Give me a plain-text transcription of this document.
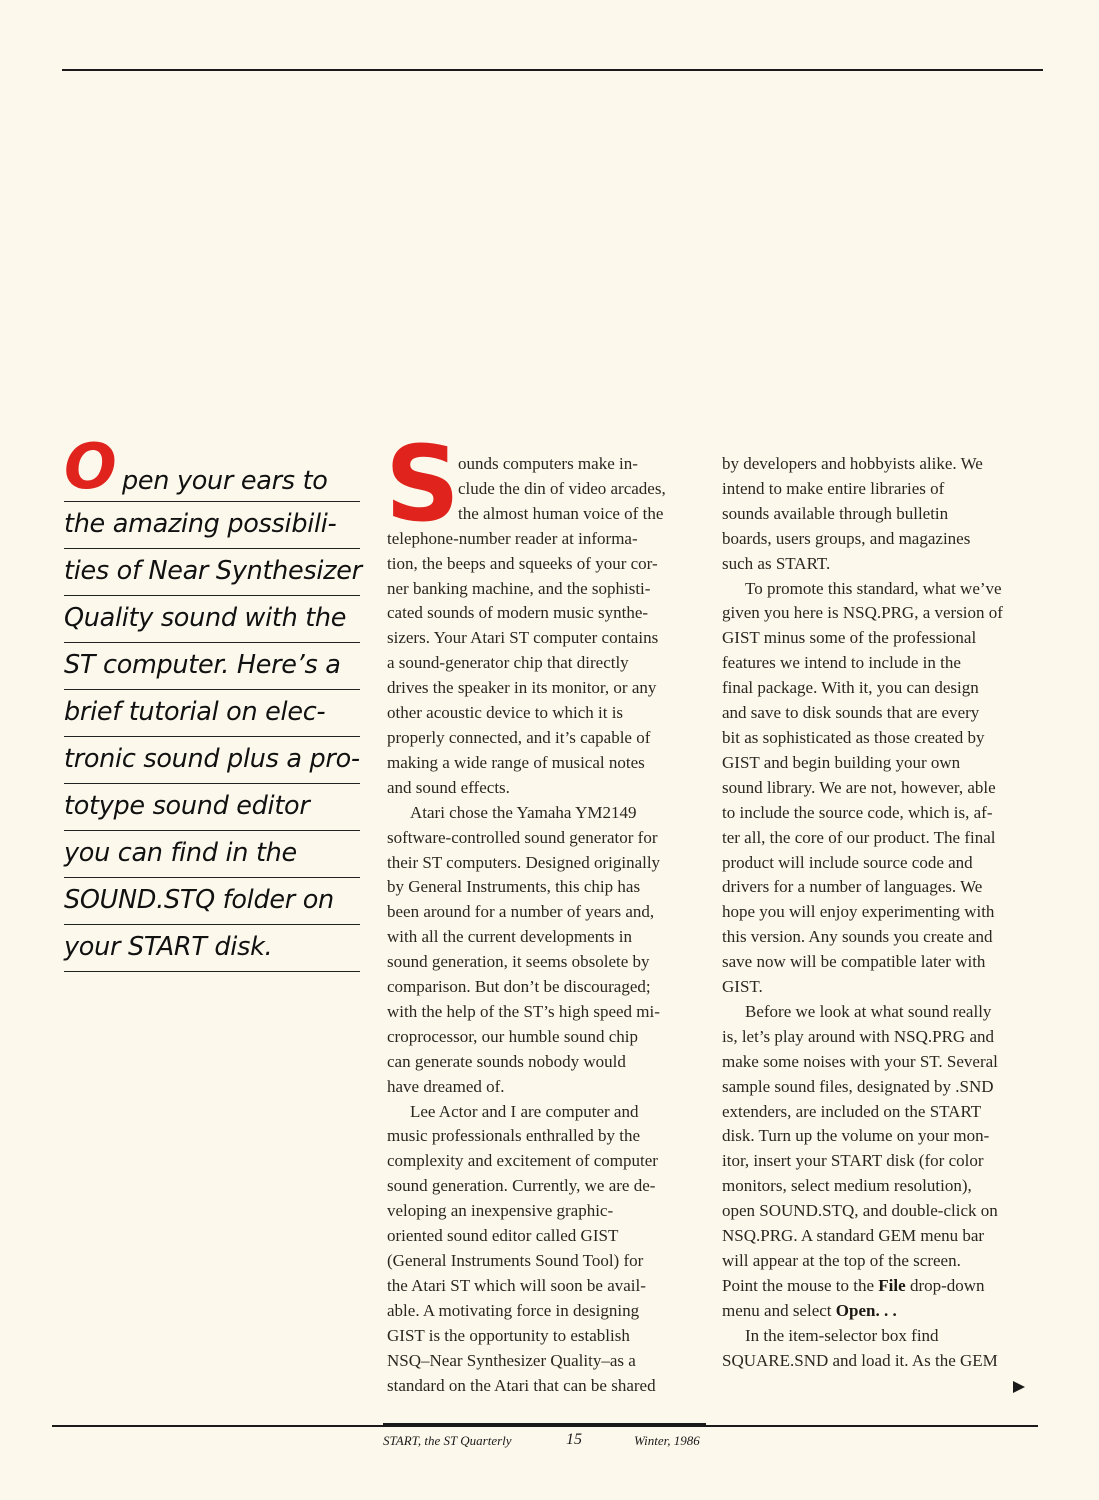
O pen your ears to
the amazing possibili-
ties of Near Synthesizer
Quality sound with the
ST computer. Here’s a
brief tutorial on elec-
tronic sound plus a pro-
totype sound editor
you can find in the
SOUND.STQ folder on
your START disk.
S

ounds computers make in-

clude the din of video arcades,

the almost human voice of the

telephone-number reader at informa-

tion, the beeps and squeeks of your cor-

ner banking machine, and the sophisti-

cated sounds of modern music synthe-

sizers. Your Atari ST computer contains

a sound-generator chip that directly

drives the speaker in its monitor, or any

other acoustic device to which it is

properly connected, and it’s capable of

making a wide range of musical notes

and sound effects.

Atari chose the Yamaha YM2149

software-controlled sound generator for

their ST computers. Designed originally

by General Instruments, this chip has

been around for a number of years and,

with all the current developments in

sound generation, it seems obsolete by

comparison. But don’t be discouraged;

with the help of the ST’s high speed mi-

croprocessor, our humble sound chip

can generate sounds nobody would

have dreamed of.

Lee Actor and I are computer and

music professionals enthralled by the

complexity and excitement of computer

sound generation. Currently, we are de-

veloping an inexpensive graphic-

oriented sound editor called GIST

(General Instruments Sound Tool) for

the Atari ST which will soon be avail-

able. A motivating force in designing

GIST is the opportunity to establish

NSQ–Near Synthesizer Quality–as a

standard on the Atari that can be shared

by developers and hobbyists alike. We

intend to make entire libraries of

sounds available through bulletin

boards, users groups, and magazines

such as START.

To promote this standard, what we’ve

given you here is NSQ.PRG, a version of

GIST minus some of the professional

features we intend to include in the

final package. With it, you can design

and save to disk sounds that are every

bit as sophisticated as those created by

GIST and begin building your own

sound library. We are not, however, able

to include the source code, which is, af-

ter all, the core of our product. The final

product will include source code and

drivers for a number of languages. We

hope you will enjoy experimenting with

this version. Any sounds you create and

save now will be compatible later with

GIST.

Before we look at what sound really

is, let’s play around with NSQ.PRG and

make some noises with your ST. Several

sample sound files, designated by .SND

extenders, are included on the START

disk. Turn up the volume on your mon-

itor, insert your START disk (for color

monitors, select medium resolution),

open SOUND.STQ, and double-click on

NSQ.PRG. A standard GEM menu bar

will appear at the top of the screen.

Point the mouse to the File drop-down

menu and select Open. . .

In the item-selector box find

SQUARE.SND and load it. As the GEM

START, the ST Quarterly	15	Winter, 1986
